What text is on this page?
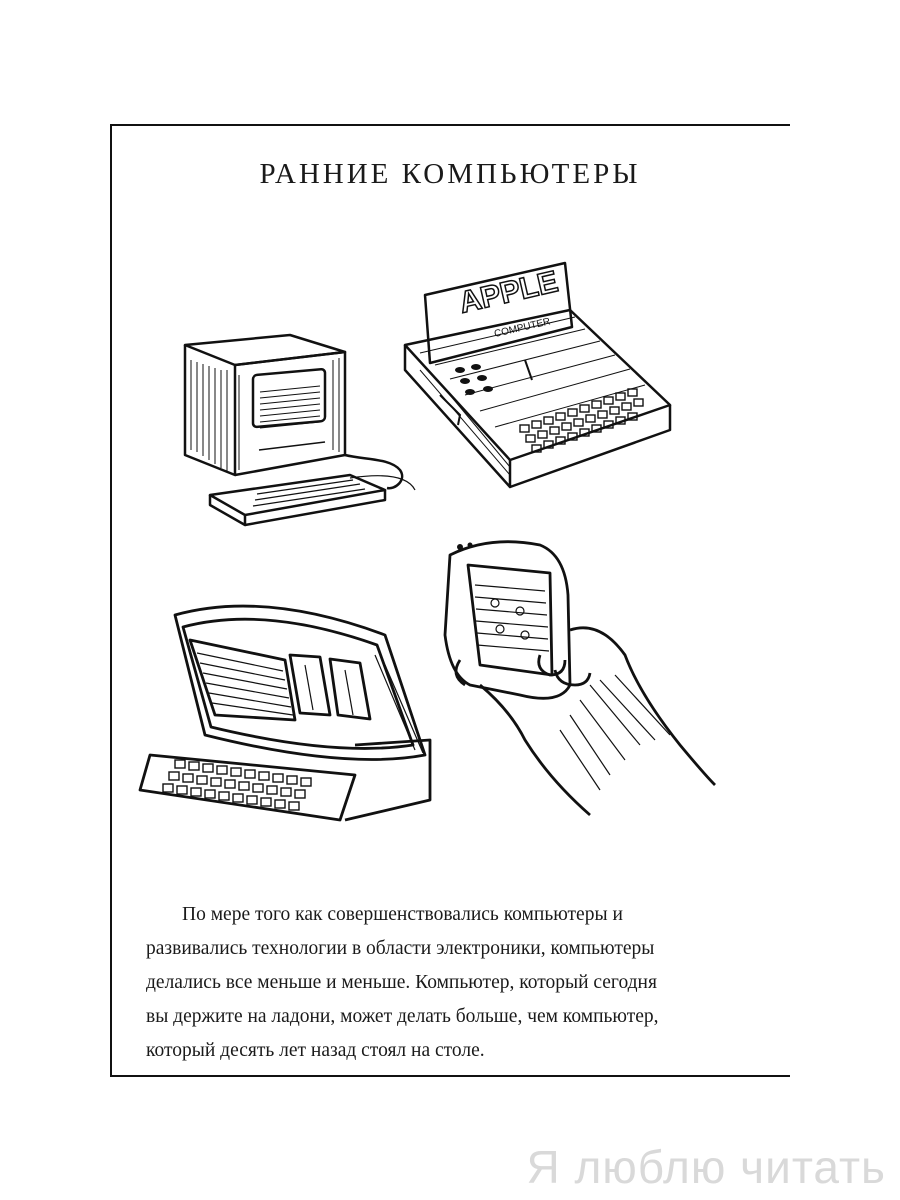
РАННИЕ КОМПЬЮТЕРЫ
APPLE
COMPUTER
По мере того как совершенствовались компьютеры и
развивались технологии в области электроники, компьютеры
делались все меньше и меньше. Компьютер, который сегодня
вы держите на ладони, может делать больше, чем компьютер,
который десять лет назад стоял на столе.
Я люблю читать
